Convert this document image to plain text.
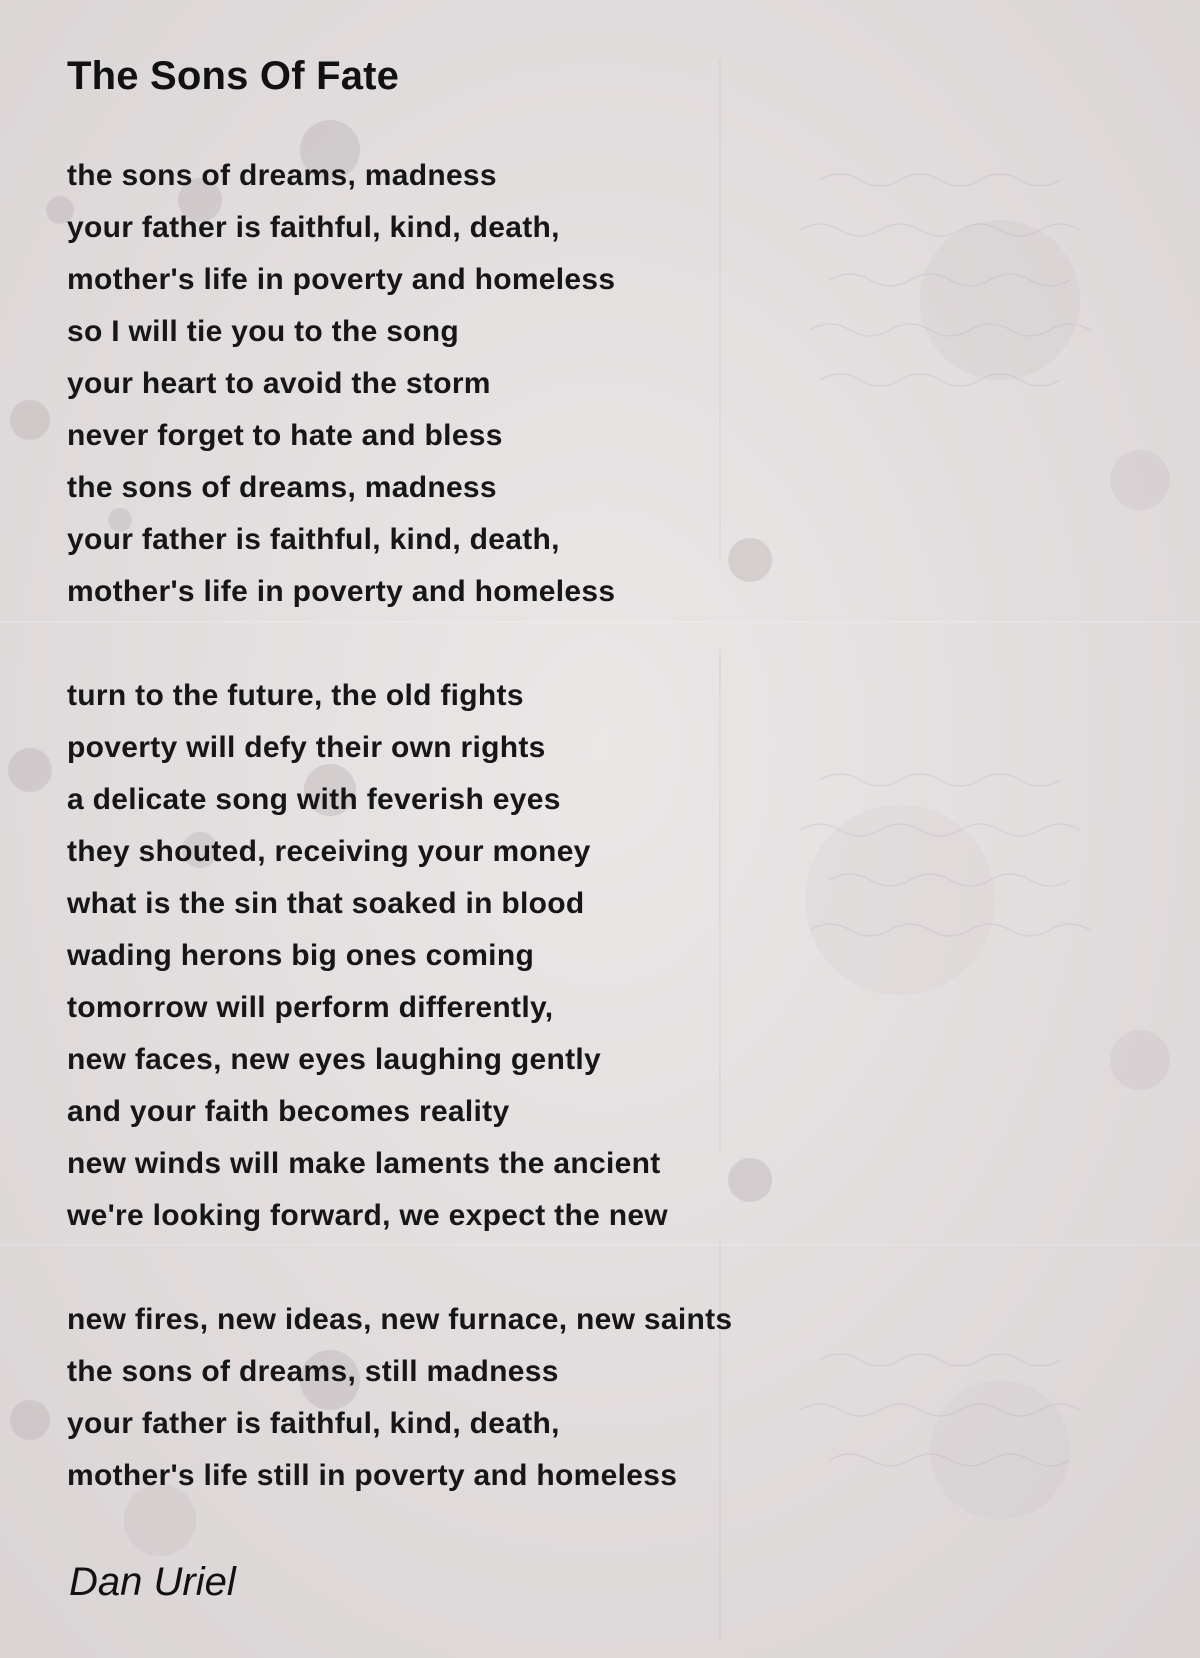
The Sons Of Fate
the sons of dreams, madness
your father is faithful, kind, death,
mother's life in poverty and homeless
so I will tie you to the song
your heart to avoid the storm
never forget to hate and bless
the sons of dreams, madness
your father is faithful, kind, death,
mother's life in poverty and homeless
turn to the future, the old fights
poverty will defy their own rights
a delicate song with feverish eyes
they shouted, receiving your money
what is the sin that soaked in blood
wading herons big ones coming
tomorrow will perform differently,
new faces, new eyes laughing gently
and your faith becomes reality
new winds will make laments the ancient
we're looking forward, we expect the new
new fires, new ideas, new furnace, new saints
the sons of dreams, still madness
your father is faithful, kind, death,
mother's life still in poverty and homeless
Dan Uriel
